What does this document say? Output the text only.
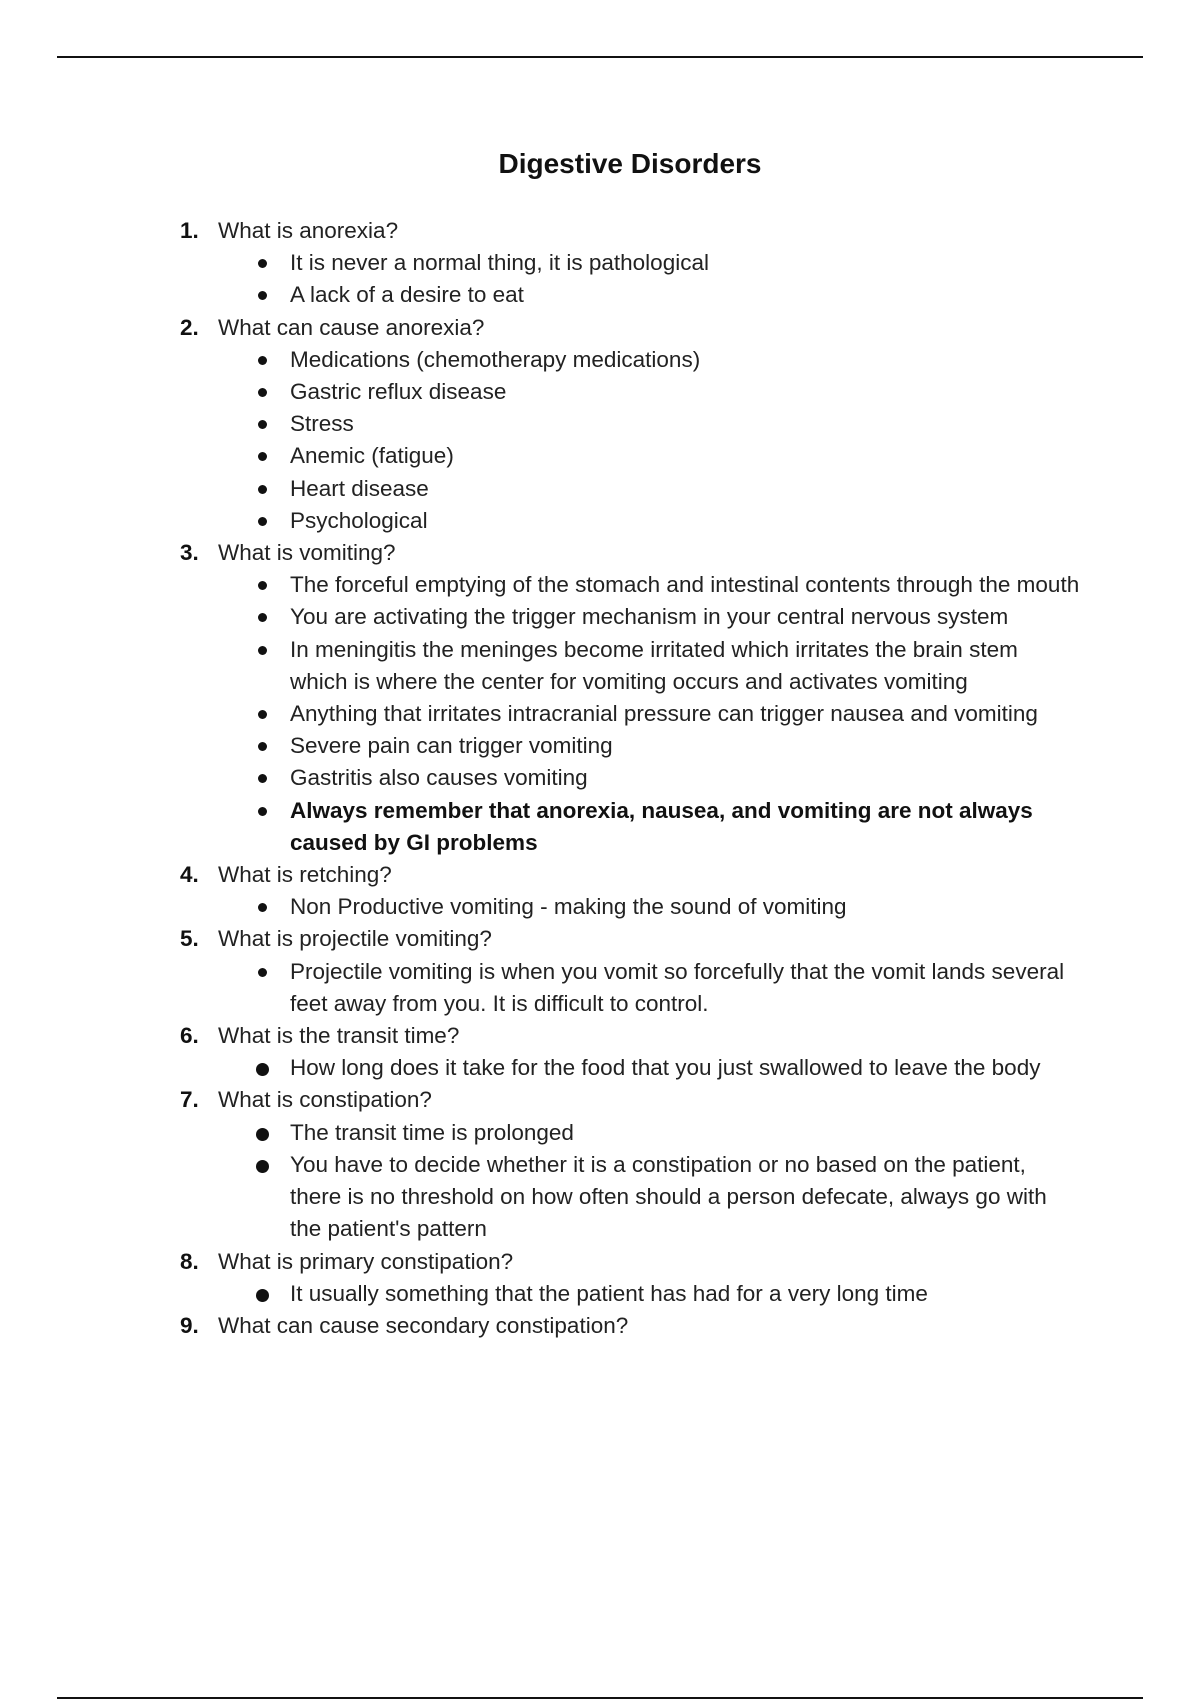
Digestive Disorders
1. What is anorexia?
It is never a normal thing, it is pathological
A lack of a desire to eat
2. What can cause anorexia?
Medications (chemotherapy medications)
Gastric reflux disease
Stress
Anemic (fatigue)
Heart disease
Psychological
3. What is vomiting?
The forceful emptying of the stomach and intestinal contents through the mouth
You are activating the trigger mechanism in your central nervous system
In meningitis the meninges become irritated which irritates the brain stem which is where the center for vomiting occurs and activates vomiting
Anything that irritates intracranial pressure can trigger nausea and vomiting
Severe pain can trigger vomiting
Gastritis also causes vomiting
Always remember that anorexia, nausea, and vomiting are not always caused by GI problems
4. What is retching?
Non Productive vomiting - making the sound of vomiting
5. What is projectile vomiting?
Projectile vomiting is when you vomit so forcefully that the vomit lands several feet away from you. It is difficult to control.
6. What is the transit time?
How long does it take for the food that you just swallowed to leave the body
7. What is constipation?
The transit time is prolonged
You have to decide whether it is a constipation or no based on the patient, there is no threshold on how often should a person defecate, always go with the patient's pattern
8. What is primary constipation?
It usually something that the patient has had for a very long time
9. What can cause secondary constipation?
